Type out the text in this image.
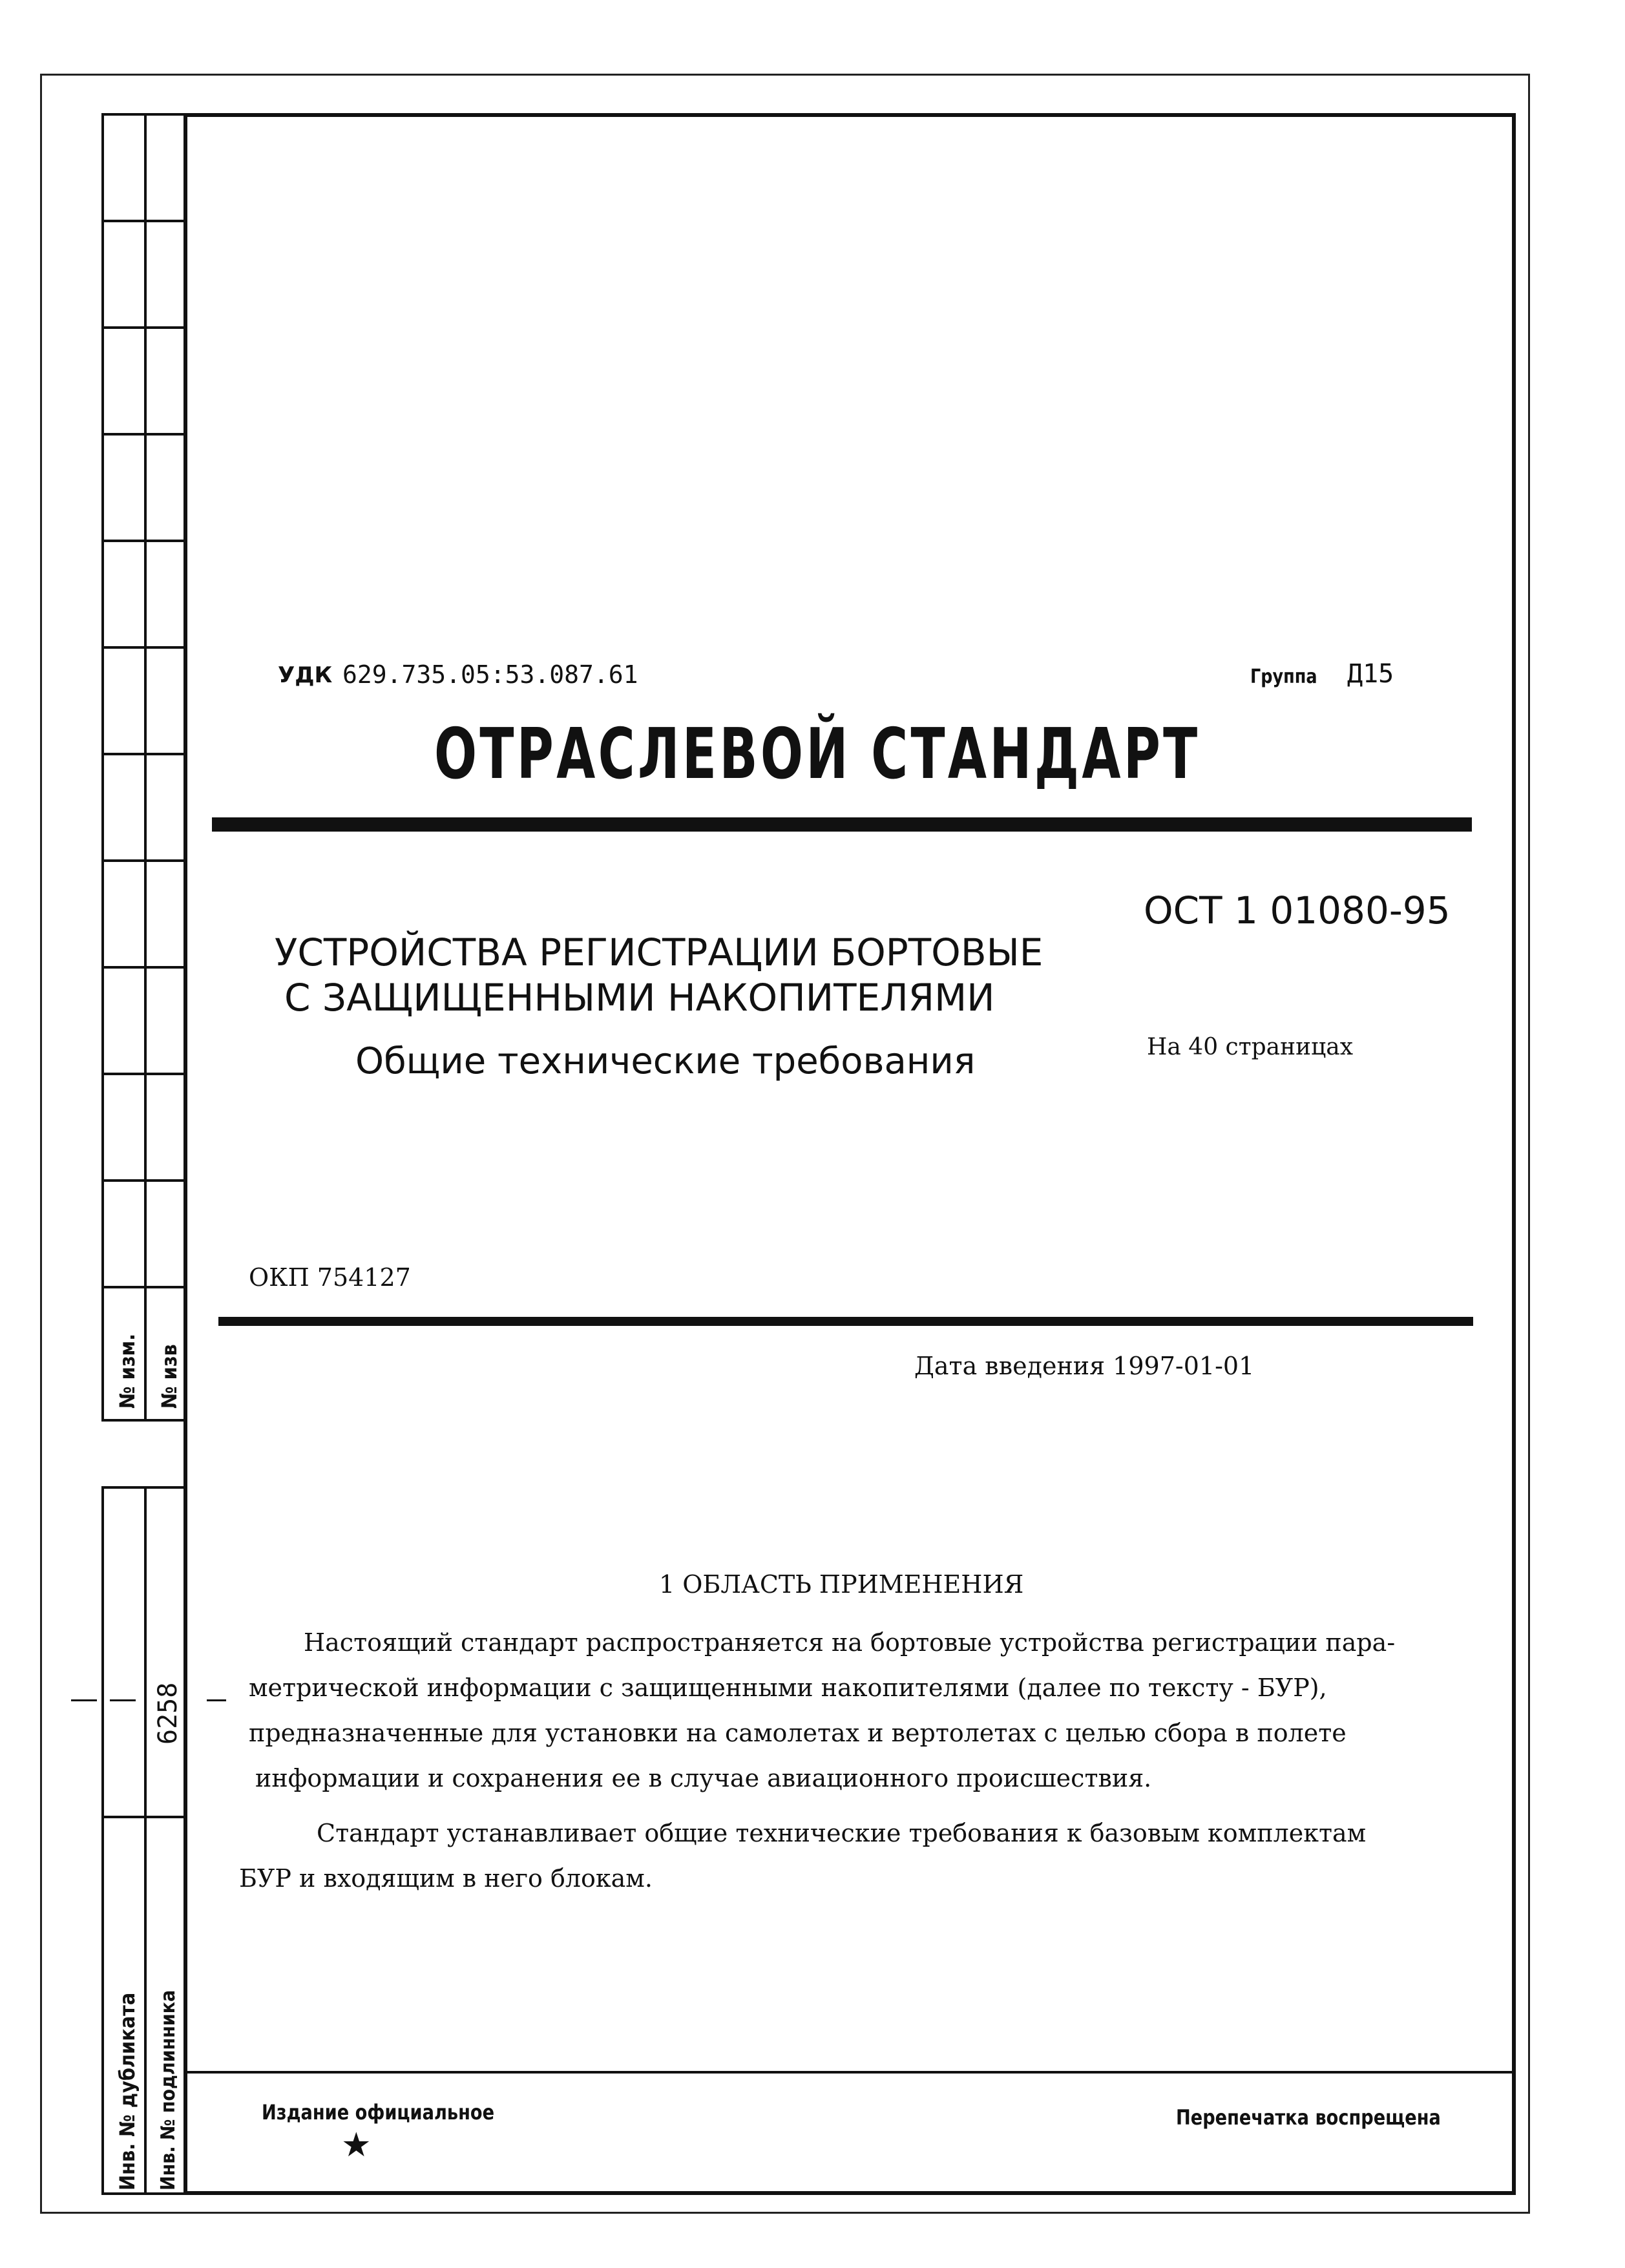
№ изм. № изв
6258
Инв. № дубликата Инв. № подлинника
УДК 629.735.05:53.087.61	Группа Д15
ОТРАСЛЕВОЙ СТАНДАРТ
УСТРОЙСТВА РЕГИСТРАЦИИ БОРТОВЫЕ
С ЗАЩИЩЕННЫМИ НАКОПИТЕЛЯМИ
Общие технические требования
ОСТ 1 01080-95
На 40 страницах
ОКП 754127
Дата введения 1997-01-01
1 ОБЛАСТЬ ПРИМЕНЕНИЯ
Настоящий стандарт распространяется на бортовые устройства регистрации пара-
метрической информации с защищенными накопителями (далее по тексту - БУР),
предназначенные для установки на самолетах и вертолетах с целью сбора в полете
информации и сохранения ее в случае авиационного происшествия.
Стандарт устанавливает общие технические требования к базовым комплектам
БУР и входящим в него блокам.
Издание официальное
★
Перепечатка воспрещена
